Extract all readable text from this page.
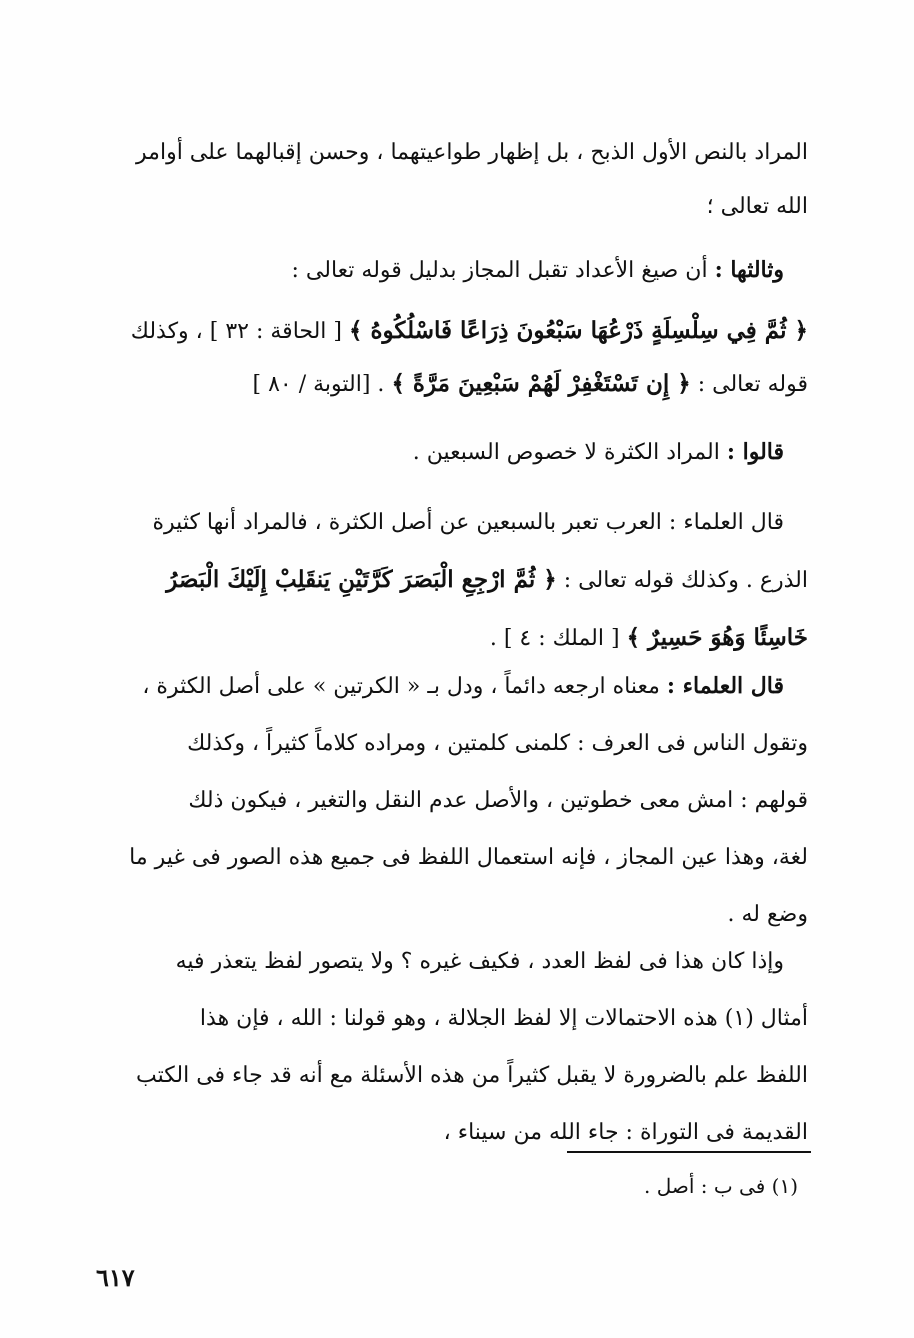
المراد بالنص الأول الذبح ، بل إظهار طواعيتهما ، وحسن إقبالهما على أوامر
الله تعالى ؛
وثالثها : أن صيغ الأعداد تقبل المجاز بدليل قوله تعالى :
﴿ ثُمَّ فِي سِلْسِلَةٍ ذَرْعُهَا سَبْعُونَ ذِرَاعًا فَاسْلُكُوهُ ﴾ [ الحاقة : ٣٢ ] ، وكذلك
قوله تعالى : ﴿ إِن تَسْتَغْفِرْ لَهُمْ سَبْعِينَ مَرَّةً ﴾ . [التوبة / ٨٠ ]
قالوا : المراد الكثرة لا خصوص السبعين .
قال العلماء : العرب تعبر بالسبعين عن أصل الكثرة ، فالمراد أنها كثيرة
الذرع . وكذلك قوله تعالى : ﴿ ثُمَّ ارْجِعِ الْبَصَرَ كَرَّتَيْنِ يَنقَلِبْ إِلَيْكَ الْبَصَرُ
خَاسِئًا وَهُوَ حَسِيرٌ ﴾ [ الملك : ٤ ] .
قال العلماء : معناه ارجعه دائماً ، ودل بـ « الكرتين » على أصل الكثرة ،
وتقول الناس فى العرف : كلمنى كلمتين ، ومراده كلاماً كثيراً ، وكذلك
قولهم : امش معى خطوتين ، والأصل عدم النقل والتغير ، فيكون ذلك
لغة، وهذا عين المجاز ، فإنه استعمال اللفظ فى جميع هذه الصور فى غير ما
وضع له .
وإذا كان هذا فى لفظ العدد ، فكيف غيره ؟ ولا يتصور لفظ يتعذر فيه
أمثال (١) هذه الاحتمالات إلا لفظ الجلالة ، وهو قولنا : الله ، فإن هذا
اللفظ علم بالضرورة لا يقبل كثيراً من هذه الأسئلة مع أنه قد جاء فى الكتب
القديمة فى التوراة : جاء الله من سيناء ،
(١) فى ب : أصل .
٦١٧
